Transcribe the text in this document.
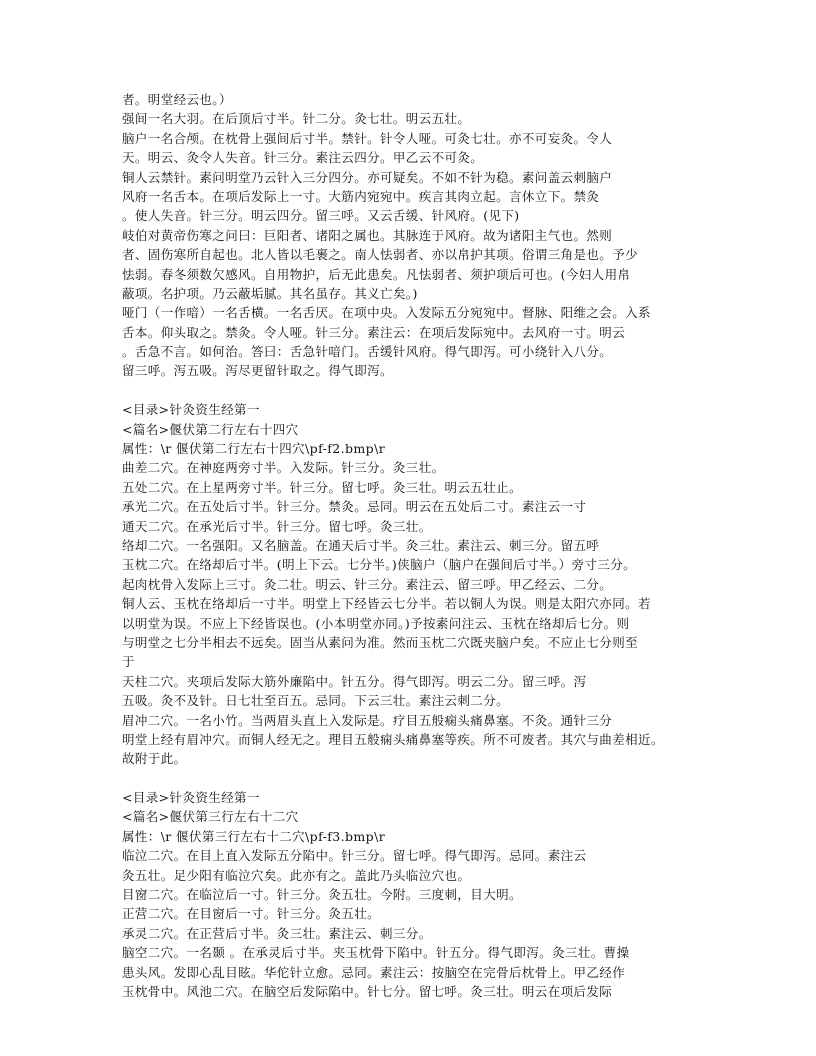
者。明堂经云也。）
强间一名大羽。在后顶后寸半。针二分。灸七壮。明云五壮。
脑户一名合颅。在枕骨上强间后寸半。禁针。针令人哑。可灸七壮。亦不可妄灸。令人
天。明云、灸令人失音。针三分。素注云四分。甲乙云不可灸。
铜人云禁针。素问明堂乃云针入三分四分。亦可疑矣。不如不针为稳。素问盖云刺脑户
风府一名舌本。在项后发际上一寸。大筋内宛宛中。疾言其肉立起。言休立下。禁灸
。使人失音。针三分。明云四分。留三呼。又云舌缓、针风府。(见下)
岐伯对黄帝伤寒之问曰：巨阳者、诸阳之属也。其脉连于风府。故为诸阳主气也。然则
者、固伤寒所自起也。北人皆以毛裹之。南人怯弱者、亦以帛护其项。俗谓三角是也。予少
怯弱。春冬须数欠感风。自用物护，后无此患矣。凡怯弱者、须护项后可也。(今妇人用帛
蔽项。名护项。乃云蔽垢腻。其名虽存。其义亡矣。)
哑门（一作喑）一名舌横。一名舌厌。在项中央。入发际五分宛宛中。督脉、阳维之会。入系
舌本。仰头取之。禁灸。令人哑。针三分。素注云：在项后发际宛中。去风府一寸。明云
。舌急不言。如何治。答曰：舌急针喑门。舌缓针风府。得气即泻。可小绕针入八分。
留三呼。泻五吸。泻尽更留针取之。得气即泻。
<目录>针灸资生经第一
<篇名>偃伏第二行左右十四穴
属性：\r 偃伏第二行左右十四穴\pf-f2.bmp\r
曲差二穴。在神庭两旁寸半。入发际。针三分。灸三壮。
五处二穴。在上星两旁寸半。针三分。留七呼。灸三壮。明云五壮止。
承光二穴。在五处后寸半。针三分。禁灸。忌同。明云在五处后二寸。素注云一寸
通天二穴。在承光后寸半。针三分。留七呼。灸三壮。
络却二穴。一名强阳。又名脑盖。在通天后寸半。灸三壮。素注云、刺三分。留五呼
玉枕二穴。在络却后寸半。(明上下云。七分半。)侠脑户（脑户在强间后寸半。）旁寸三分。
起肉枕骨入发际上三寸。灸二壮。明云、针三分。素注云、留三呼。甲乙经云、二分。
铜人云、玉枕在络却后一寸半。明堂上下经皆云七分半。若以铜人为误。则是太阳穴亦同。若
以明堂为误。不应上下经皆误也。(小本明堂亦同。)予按素问注云、玉枕在络却后七分。则
与明堂之七分半相去不远矣。固当从素问为准。然而玉枕二穴既夹脑户矣。不应止七分则至
于
天柱二穴。夹项后发际大筋外廉陷中。针五分。得气即泻。明云二分。留三呼。泻
五吸。灸不及针。日七壮至百五。忌同。下云三壮。素注云刺二分。
眉冲二穴。一名小竹。当两眉头直上入发际是。疗目五般痫头痛鼻塞。不灸。通针三分
明堂上经有眉冲穴。而铜人经无之。理目五般痫头痛鼻塞等疾。所不可废者。其穴与曲差相近。
故附于此。
<目录>针灸资生经第一
<篇名>偃伏第三行左右十二穴
属性：\r 偃伏第三行左右十二穴\pf-f3.bmp\r
临泣二穴。在目上直入发际五分陷中。针三分。留七呼。得气即泻。忌同。素注云
灸五壮。足少阳有临泣穴矣。此亦有之。盖此乃头临泣穴也。
目窗二穴。在临泣后一寸。针三分。灸五壮。今附。三度刺，目大明。
正营二穴。在目窗后一寸。针三分。灸五壮。
承灵二穴。在正营后寸半。灸三壮。素注云、刺三分。
脑空二穴。一名颞 。在承灵后寸半。夹玉枕骨下陷中。针五分。得气即泻。灸三壮。曹操
患头风。发即心乱目眩。华佗针立愈。忌同。素注云：按脑空在完骨后枕骨上。甲乙经作
玉枕骨中。风池二穴。在脑空后发际陷中。针七分。留七呼。灸三壮。明云在项后发际
